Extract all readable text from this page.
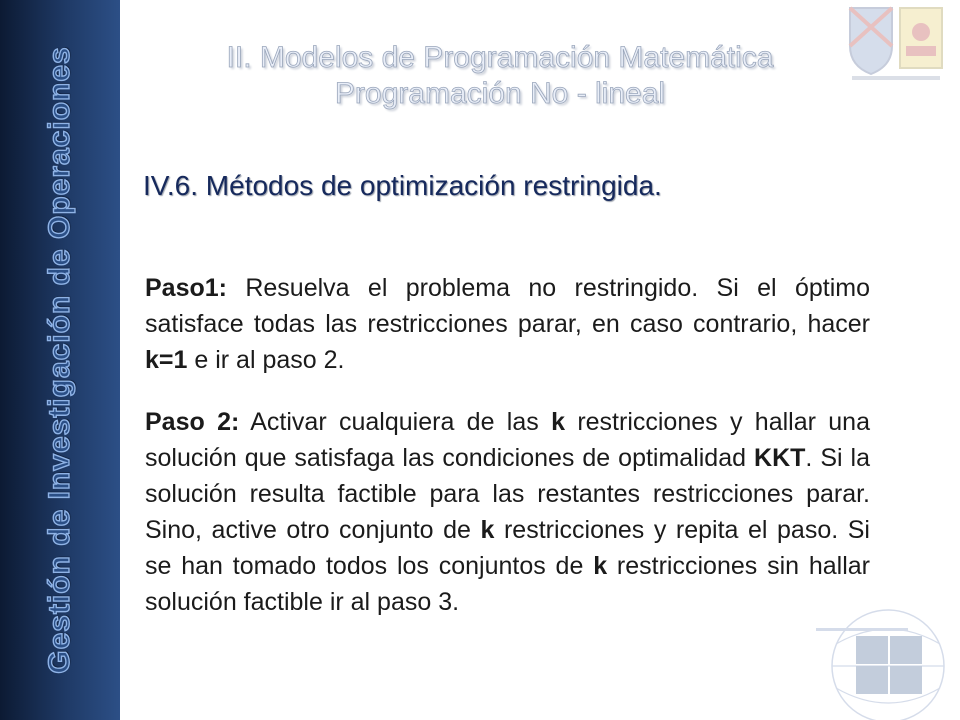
Gestión de Investigación de Operaciones	II. Modelos de Programación Matemática
Programación No - lineal
IV.6. Métodos de optimización restringida.
Paso1: Resuelva el problema no restringido. Si el óptimo satisface todas las restricciones parar, en caso contrario, hacer k=1 e ir al paso 2.
Paso 2: Activar cualquiera de las k restricciones y hallar una solución que satisfaga las condiciones de optimalidad KKT. Si la solución resulta factible para las restantes restricciones parar. Sino, active otro conjunto de k restricciones y repita el paso. Si se han tomado todos los conjuntos de k restricciones sin hallar solución factible ir al paso 3.
